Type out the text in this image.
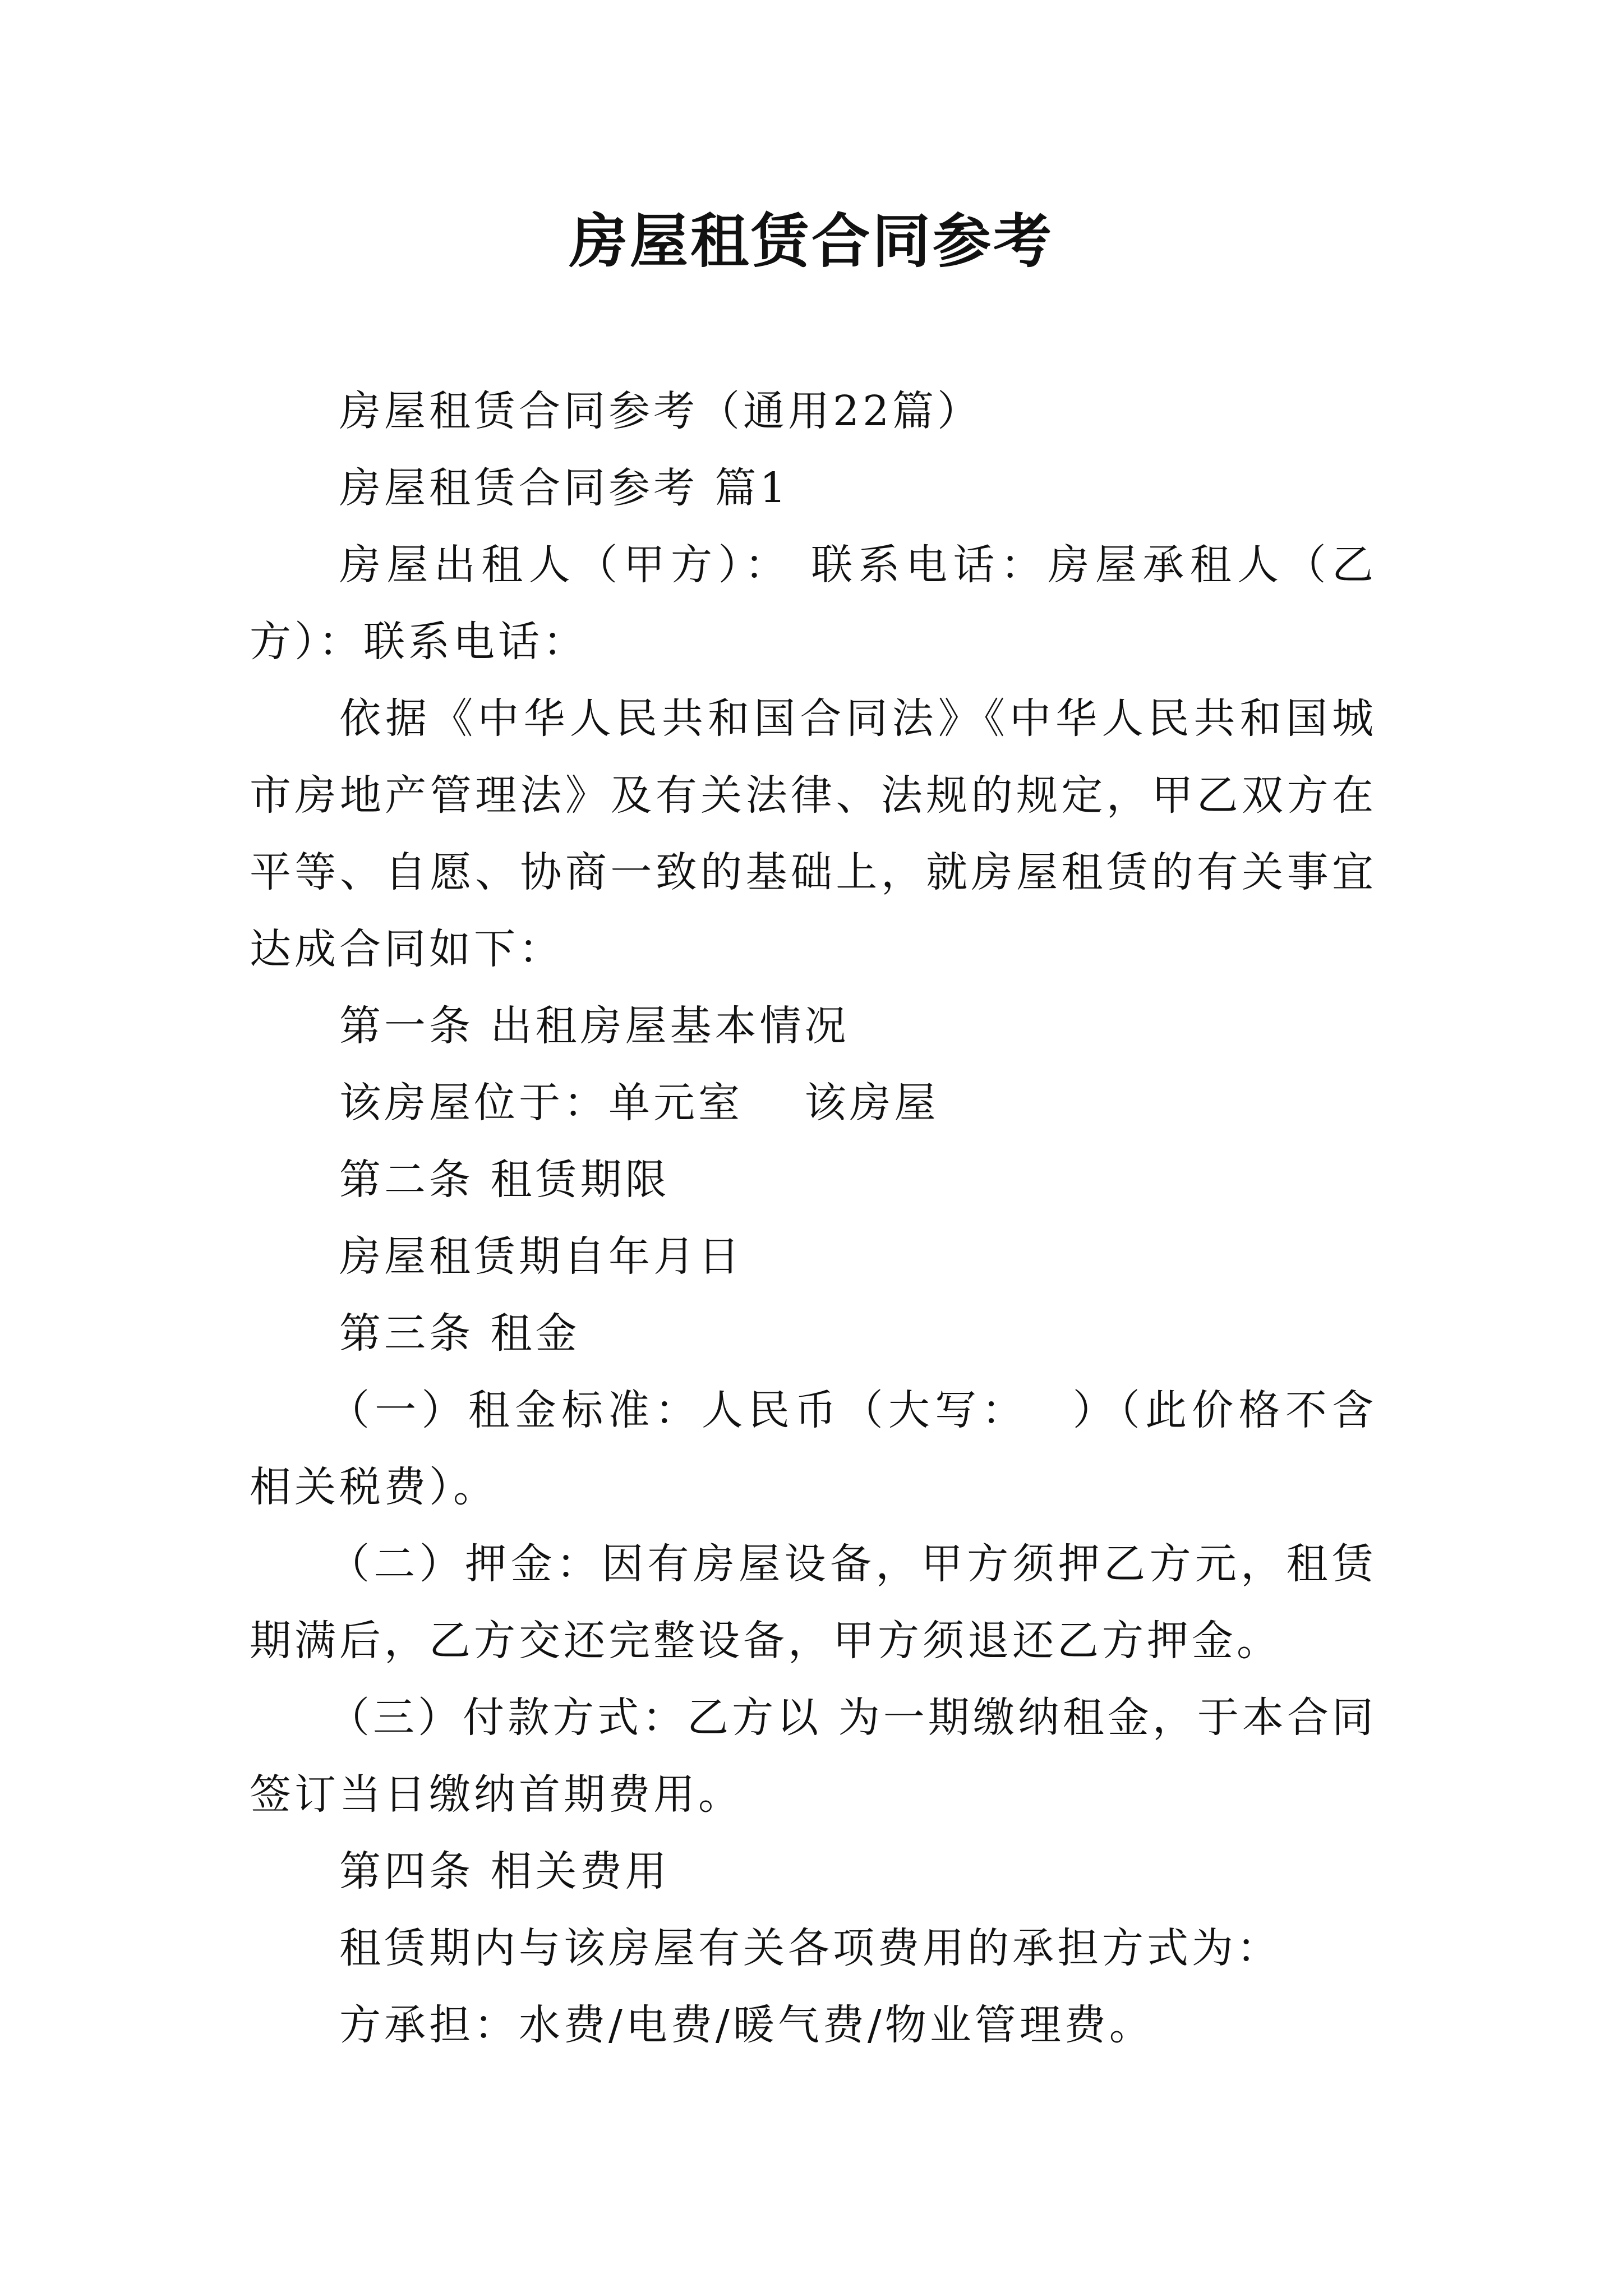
房屋租赁合同参考

房屋租赁合同参考（通用22篇）

房屋租赁合同参考 篇1

房屋出租人（甲方）： 联系电话：房屋承租人（乙方）：联系电话：

依据《中华人民共和国合同法》《中华人民共和国城市房地产管理法》及有关法律、法规的规定，甲乙双方在平等、自愿、协商一致的基础上，就房屋租赁的有关事宜达成合同如下：

第一条 出租房屋基本情况

该房屋位于：单元室　 该房屋

第二条 租赁期限

房屋租赁期自年月日

第三条 租金

（一）租金标准：人民币（大写：　 ）（此价格不含相关税费）。

（二）押金：因有房屋设备，甲方须押乙方元，租赁期满后，乙方交还完整设备，甲方须退还乙方押金。

（三）付款方式：乙方以 为一期缴纳租金，于本合同签订当日缴纳首期费用。

第四条 相关费用

租赁期内与该房屋有关各项费用的承担方式为：

方承担：水费/电费/暖气费/物业管理费。
